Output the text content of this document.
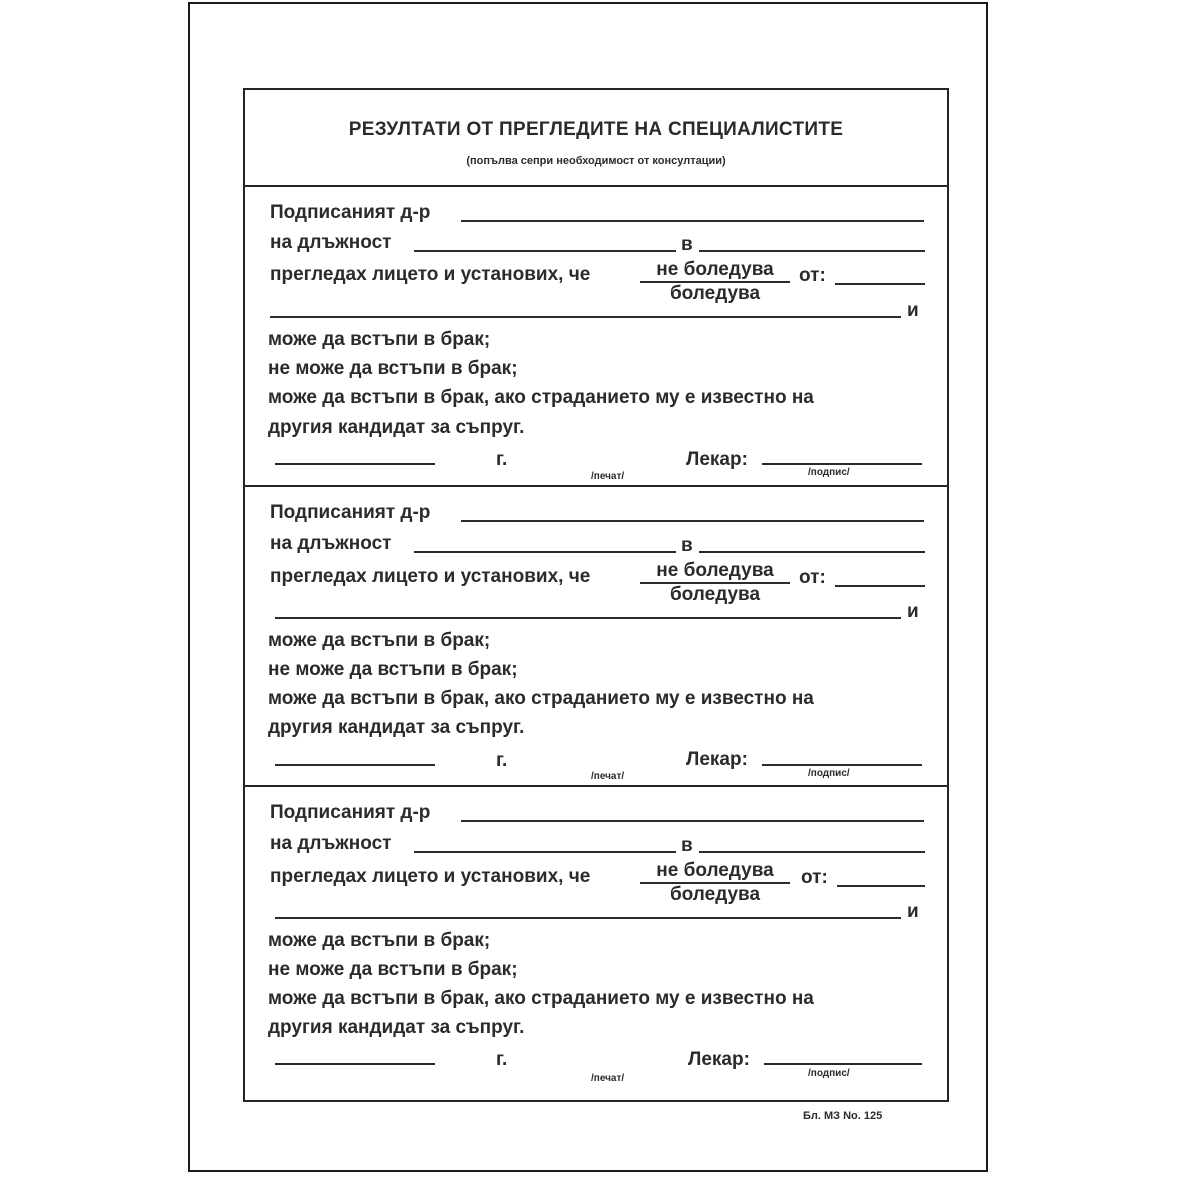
РЕЗУЛТАТИ ОТ ПРЕГЛЕДИТЕ НА СПЕЦИАЛИСТИТЕ
(попълва сепри необходимост от консултации)
Подписаният д-р
на длъжност	в
прегледах лицето и установих, че	не боледува
боледува
от:
и
може да встъпи в брак;
не може да встъпи в брак;
може да встъпи в брак, ако страданието му е известно на
другия кандидат за съпруг.
г.
/печат/
Лекар:
/подпис/
Подписаният д-р
на длъжност	в
прегледах лицето и установих, че	не боледува
боледува
от:
и
може да встъпи в брак;
не може да встъпи в брак;
може да встъпи в брак, ако страданието му е известно на
другия кандидат за съпруг.
г.
/печат/
Лекар:
/подпис/
Подписаният д-р
на длъжност	в
прегледах лицето и установих, че	не боледува
боледува
от:
и
може да встъпи в брак;
не може да встъпи в брак;
може да встъпи в брак, ако страданието му е известно на
другия кандидат за съпруг.
г.
/печат/
Лекар:
/подпис/
Бл. МЗ No. 125
